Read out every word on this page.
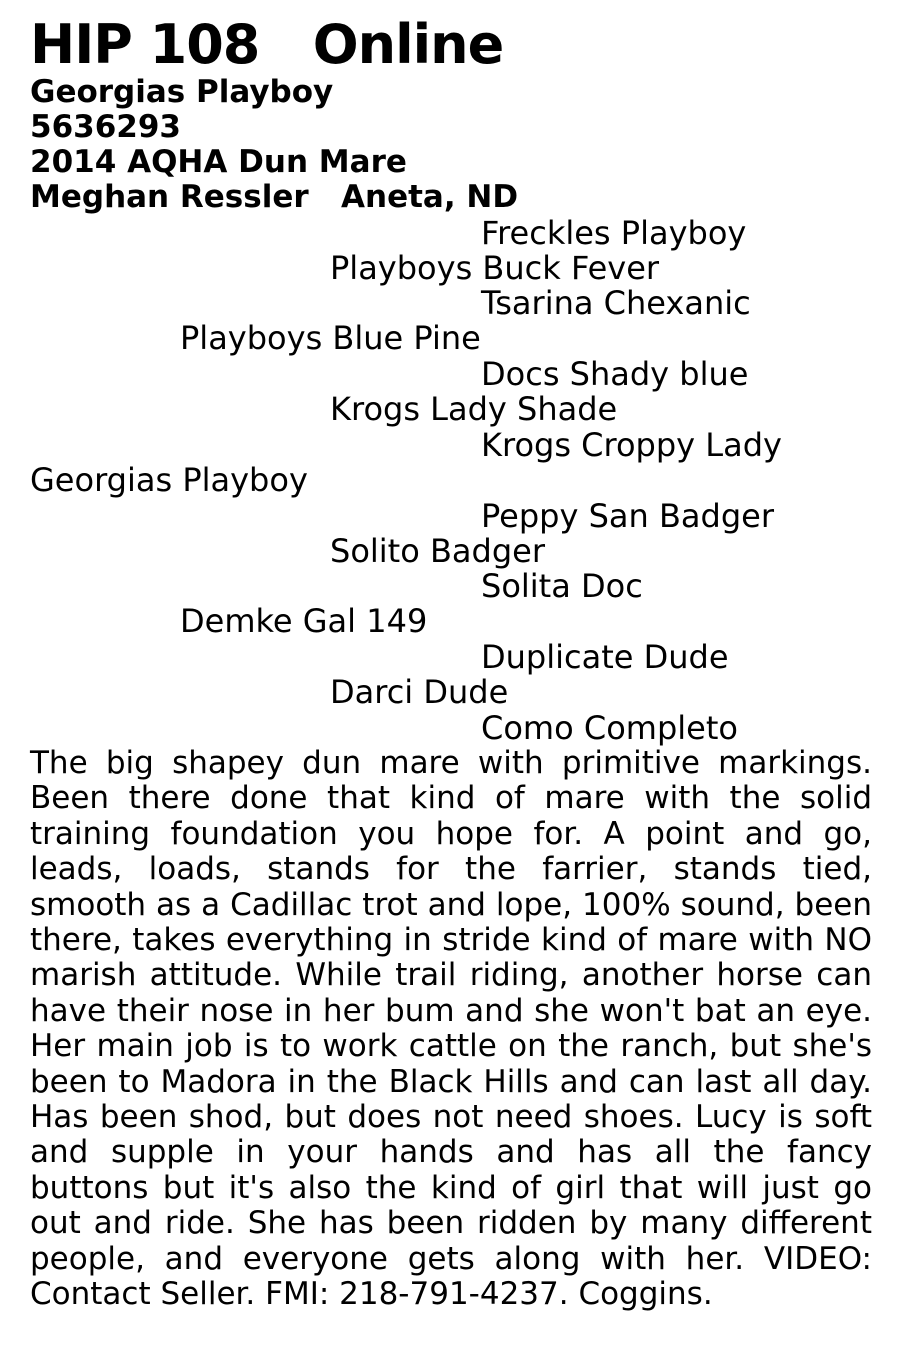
HIP 108   Online
Georgias Playboy
5636293
2014 AQHA Dun Mare
Meghan Ressler   Aneta, ND
Freckles Playboy
Playboys Buck Fever
Tsarina Chexanic
Playboys Blue Pine
Docs Shady blue
Krogs Lady Shade
Krogs Croppy Lady
Georgias Playboy
Peppy San Badger
Solito Badger
Solita Doc
Demke Gal 149
Duplicate Dude
Darci Dude
Como Completo
The big shapey dun mare with primitive markings. Been there done that kind of mare with the solid training foundation you hope for. A point and go, leads, loads, stands for the farrier, stands tied, smooth as a Cadillac trot and lope, 100% sound, been there, takes everything in stride kind of mare with NO marish attitude. While trail riding, another horse can have their nose in her bum and she won't bat an eye. Her main job is to work cattle on the ranch, but she's been to Madora in the Black Hills and can last all day. Has been shod, but does not need shoes. Lucy is soft and supple in your hands and has all the fancy buttons but it's also the kind of girl that will just go out and ride. She has been ridden by many different people, and everyone gets along with her. VIDEO: Contact Seller. FMI: 218-791-4237. Coggins.
